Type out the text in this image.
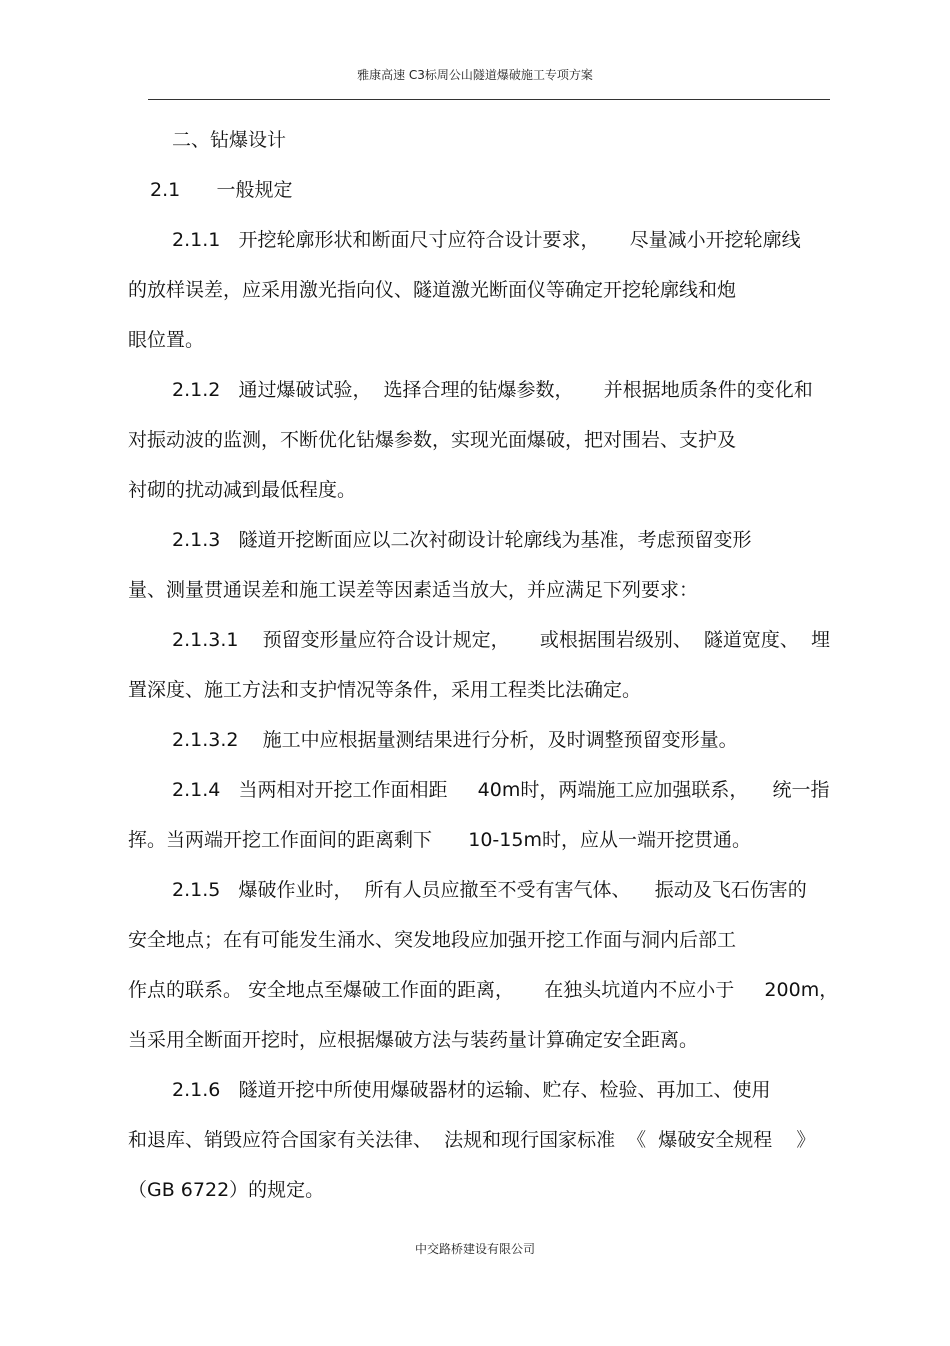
雅康高速 C3标周公山隧道爆破施工专项方案
二、钻爆设计
2.1      一般规定
2.1.1   开挖轮廓形状和断面尺寸应符合设计要求，     尽量减小开挖轮廓线
的放样误差，应采用激光指向仪、隧道激光断面仪等确定开挖轮廓线和炮
眼位置。
2.1.2   通过爆破试验，  选择合理的钻爆参数，     并根据地质条件的变化和
对振动波的监测，不断优化钻爆参数，实现光面爆破，把对围岩、支护及
衬砌的扰动减到最低程度。
2.1.3   隧道开挖断面应以二次衬砌设计轮廓线为基准，考虑预留变形
量、测量贯通误差和施工误差等因素适当放大，并应满足下列要求：
2.1.3.1    预留变形量应符合设计规定，     或根据围岩级别、  隧道宽度、  埋
置深度、施工方法和支护情况等条件，采用工程类比法确定。
2.1.3.2    施工中应根据量测结果进行分析，及时调整预留变形量。
2.1.4   当两相对开挖工作面相距     40m时，两端施工应加强联系，    统一指
挥。当两端开挖工作面间的距离剩下      10-15m时，应从一端开挖贯通。
2.1.5   爆破作业时，  所有人员应撤至不受有害气体、    振动及飞石伤害的
安全地点；在有可能发生涌水、突发地段应加强开挖工作面与洞内后部工
作点的联系。 安全地点至爆破工作面的距离，     在独头坑道内不应小于     200m，
当采用全断面开挖时，应根据爆破方法与装药量计算确定安全距离。
2.1.6   隧道开挖中所使用爆破器材的运输、贮存、检验、再加工、使用
和退库、销毁应符合国家有关法律、  法规和现行国家标准  《  爆破安全规程    》
（GB 6722）的规定。
中交路桥建设有限公司
